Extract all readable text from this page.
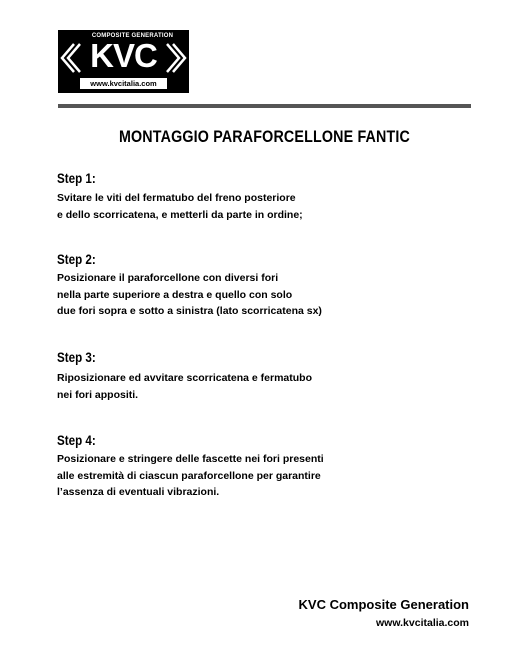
COMPOSITE GENERATION
KVC
www.kvcitalia.com
MONTAGGIO PARAFORCELLONE FANTIC
Step 1:
Svitare le viti del fermatubo del freno posteriore
e dello scorricatena, e metterli da parte in ordine;
Step 2:
Posizionare il paraforcellone con diversi fori
nella parte superiore a destra e quello con solo
due fori sopra e sotto a sinistra (lato scorricatena sx)
Step 3:
Riposizionare ed avvitare scorricatena e fermatubo
nei fori appositi.
Step 4:
Posizionare e stringere delle fascette nei fori presenti
alle estremità di ciascun paraforcellone per garantire
l’assenza di eventuali vibrazioni.
KVC Composite Generation
www.kvcitalia.com
